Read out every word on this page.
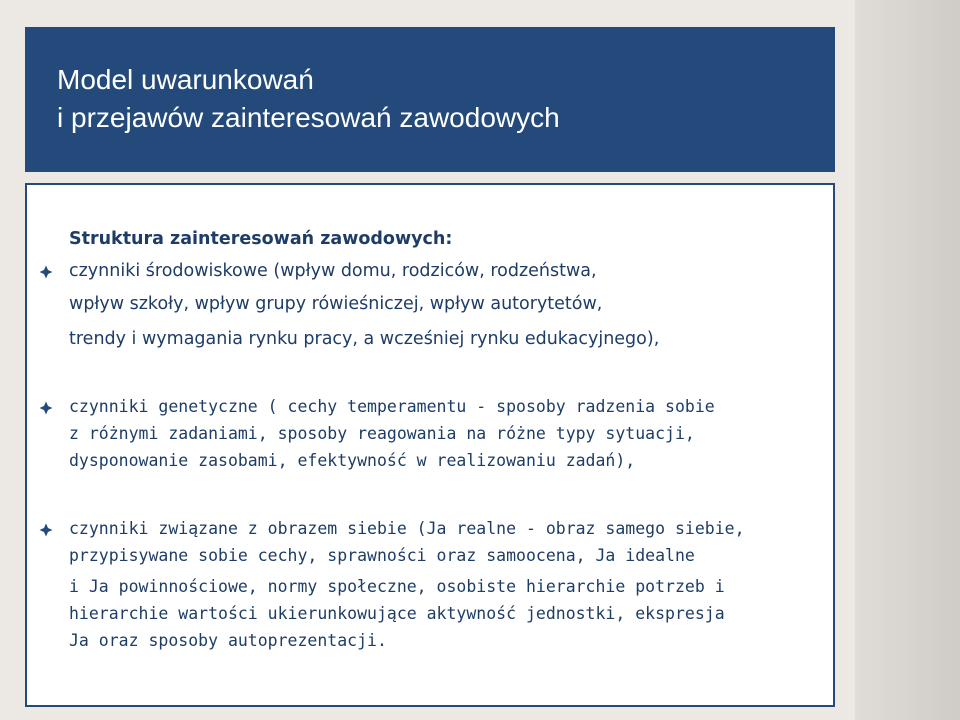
Model uwarunkowań
i przejawów zainteresowań zawodowych
Struktura zainteresowań zawodowych:
czynniki środowiskowe (wpływ domu, rodziców, rodzeństwa,
wpływ szkoły, wpływ grupy rówieśniczej, wpływ autorytetów,
trendy i wymagania rynku pracy, a wcześniej rynku edukacyjnego),
czynniki genetyczne ( cechy temperamentu - sposoby radzenia sobie
z różnymi zadaniami, sposoby reagowania na różne typy sytuacji,
dysponowanie zasobami, efektywność w realizowaniu zadań),
czynniki związane z obrazem siebie (Ja realne - obraz samego siebie,
przypisywane sobie cechy, sprawności oraz samoocena, Ja idealne
i Ja powinnościowe, normy społeczne, osobiste hierarchie potrzeb i
hierarchie wartości ukierunkowujące aktywność jednostki, ekspresja
Ja oraz sposoby autoprezentacji.
